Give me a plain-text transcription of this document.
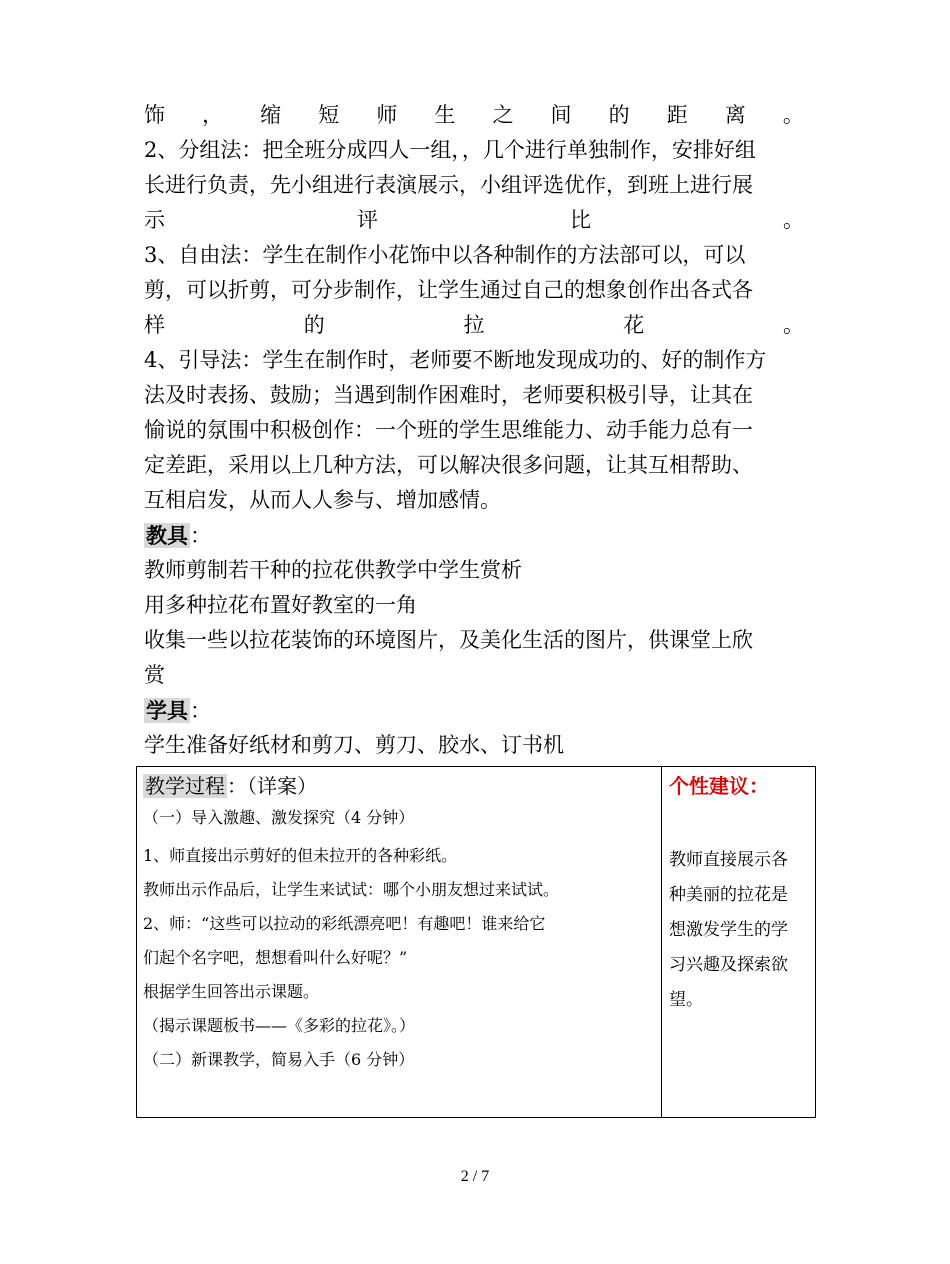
饰 ， 缩 短 师 生 之 间 的 距 离 。
2、分组法：把全班分成四人一组，，几个进行单独制作，安排好组
长进行负责，先小组进行表演展示，小组评选优作，到班上进行展
示	评	比	。
3、自由法：学生在制作小花饰中以各种制作的方法部可以，可以
剪，可以折剪，可分步制作，让学生通过自己的想象创作出各式各
样	的	拉	花	。
4、引导法：学生在制作时，老师要不断地发现成功的、好的制作方
法及时表扬、鼓励；当遇到制作困难时，老师要积极引导，让其在
愉说的氛围中积极创作：一个班的学生思维能力、动手能力总有一
定差距，采用以上几种方法，可以解决很多问题，让其互相帮助、
互相启发，从而人人参与、增加感情。
教具：
教师剪制若干种的拉花供教学中学生赏析
用多种拉花布置好教室的一角
收集一些以拉花装饰的环境图片，及美化生活的图片，供课堂上欣
赏
学具：
学生准备好纸材和剪刀、剪刀、胶水、订书机
教学过程 ：（详案）
（一）导入激趣、激发探究（4 分钟）
1、师直接出示剪好的但未拉开的各种彩纸。
教师出示作品后，让学生来试试：哪个小朋友想过来试试。
2、师：“这些可以拉动的彩纸漂亮吧！有趣吧！谁来给它
们起个名字吧，想想看叫什么好呢？”
根据学生回答出示课题。
（揭示课题板书——《多彩的拉花》。）
（二）新课教学，简易入手（6 分钟）
个性建议：
教师直接展示各
种美丽的拉花是
想激发学生的学
习兴趣及探索欲
望。
2 / 7
